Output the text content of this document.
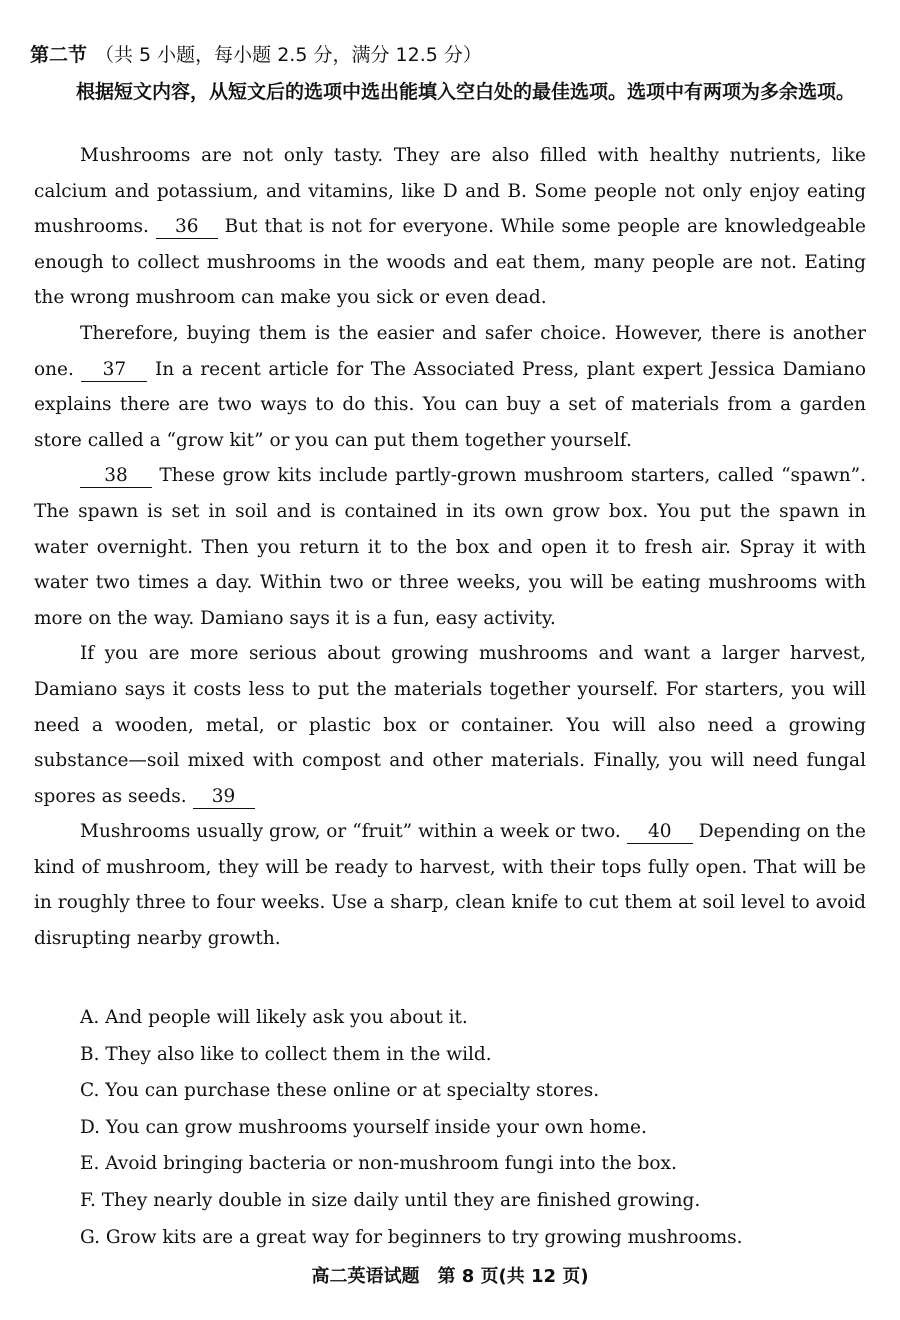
第二节 （共 5 小题，每小题 2.5 分，满分 12.5 分）
根据短文内容，从短文后的选项中选出能填入空白处的最佳选项。选项中有两项为多余选项。

Mushrooms are not only tasty. They are also filled with healthy nutrients, like calcium and potassium, and vitamins, like D and B. Some people not only enjoy eating mushrooms. 36 But that is not for everyone. While some people are knowledgeable enough to collect mushrooms in the woods and eat them, many people are not. Eating the wrong mushroom can make you sick or even dead.

Therefore, buying them is the easier and safer choice. However, there is another one. 37 In a recent article for The Associated Press, plant expert Jessica Damiano explains there are two ways to do this. You can buy a set of materials from a garden store called a “grow kit” or you can put them together yourself.

38 These grow kits include partly-grown mushroom starters, called “spawn”. The spawn is set in soil and is contained in its own grow box. You put the spawn in water overnight. Then you return it to the box and open it to fresh air. Spray it with water two times a day. Within two or three weeks, you will be eating mushrooms with more on the way. Damiano says it is a fun, easy activity.

If you are more serious about growing mushrooms and want a larger harvest, Damiano says it costs less to put the materials together yourself. For starters, you will need a wooden, metal, or plastic box or container. You will also need a growing substance—soil mixed with compost and other materials. Finally, you will need fungal spores as seeds. 39

Mushrooms usually grow, or “fruit” within a week or two. 40 Depending on the kind of mushroom, they will be ready to harvest, with their tops fully open. That will be in roughly three to four weeks. Use a sharp, clean knife to cut them at soil level to avoid disrupting nearby growth.

A. And people will likely ask you about it.

B. They also like to collect them in the wild.

C. You can purchase these online or at specialty stores.

D. You can grow mushrooms yourself inside your own home.

E. Avoid bringing bacteria or non-mushroom fungi into the box.

F. They nearly double in size daily until they are finished growing.

G. Grow kits are a great way for beginners to try growing mushrooms.

高二英语试题　第 8 页(共 12 页)
